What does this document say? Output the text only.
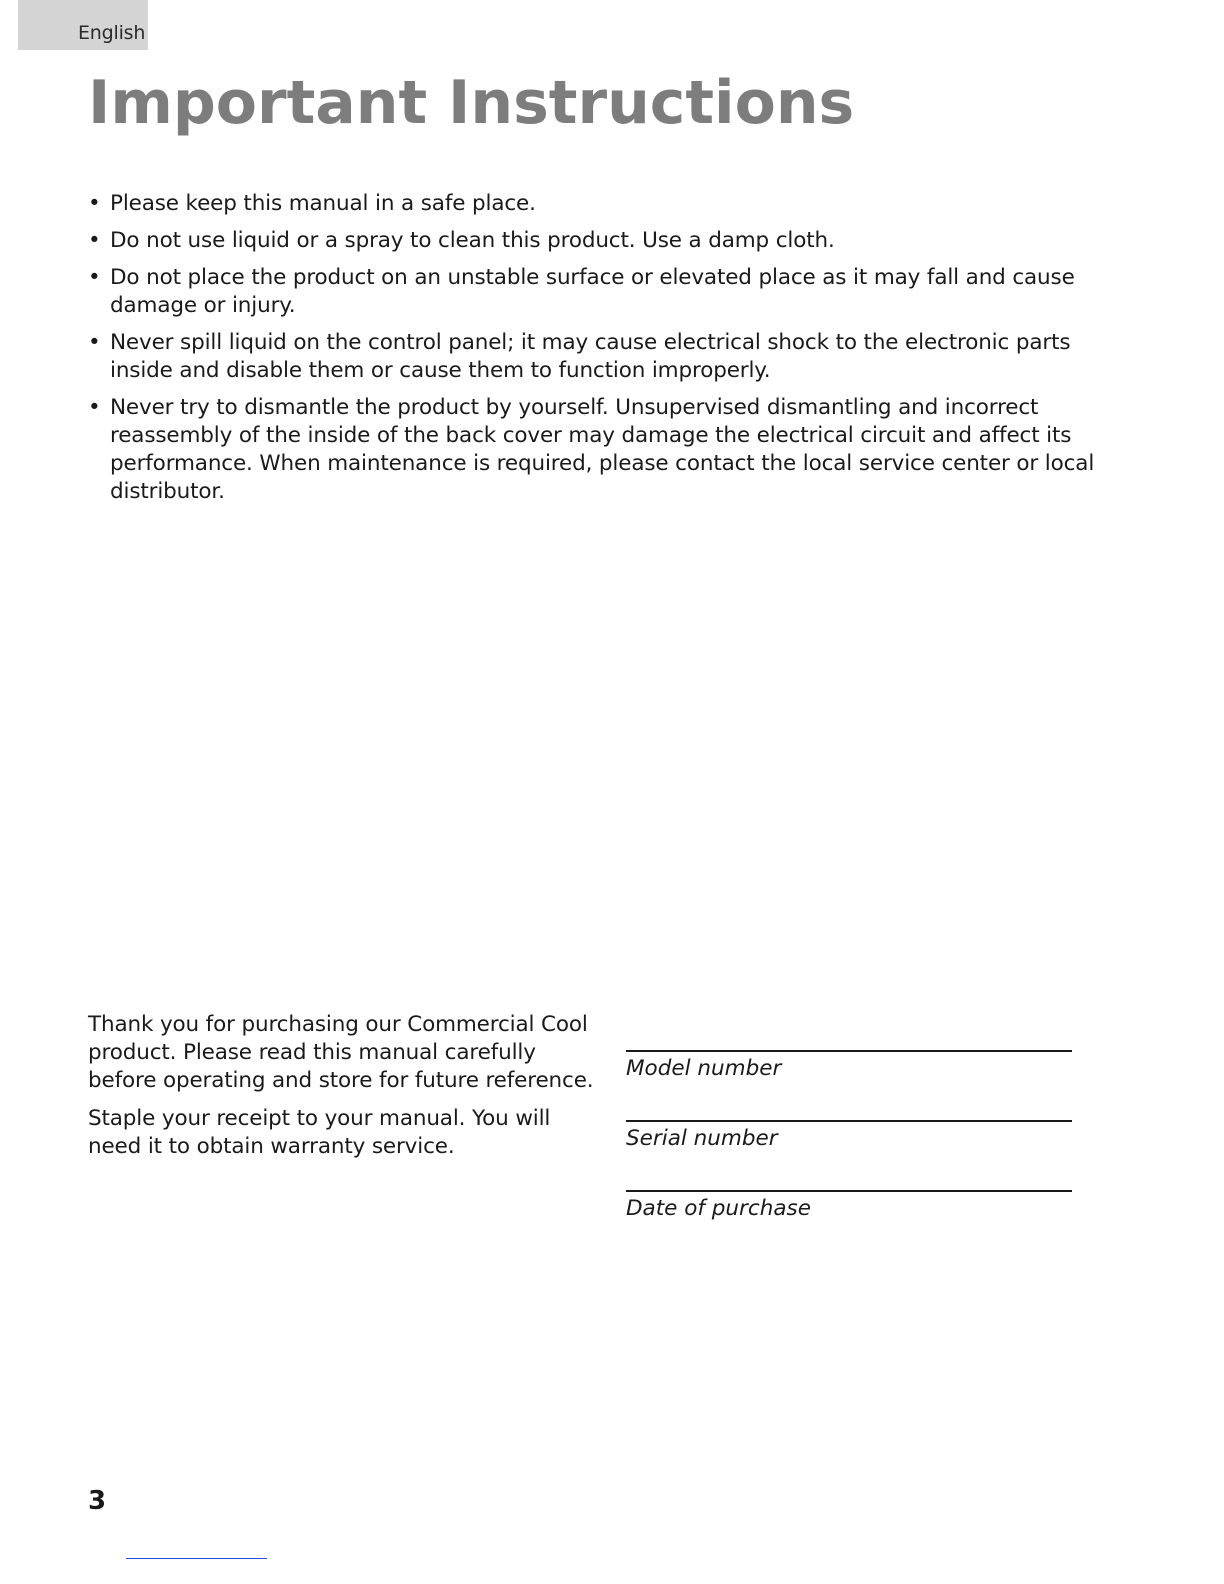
English
Important Instructions
• Please keep this manual in a safe place.
• Do not use liquid or a spray to clean this product. Use a damp cloth.
• Do not place the product on an unstable surface or elevated place as it may fall and cause damage or injury.
• Never spill liquid on the control panel; it may cause electrical shock to the electronic parts inside and disable them or cause them to function improperly.
• Never try to dismantle the product by yourself. Unsupervised dismantling and incorrect reassembly of the inside of the back cover may damage the electrical circuit and affect its performance. When maintenance is required, please contact the local service center or local distributor.

Thank you for purchasing our Commercial Cool product. Please read this manual carefully before operating and store for future reference.

Staple your receipt to your manual. You will need it to obtain warranty service.

Model number
Serial number
Date of purchase
3
